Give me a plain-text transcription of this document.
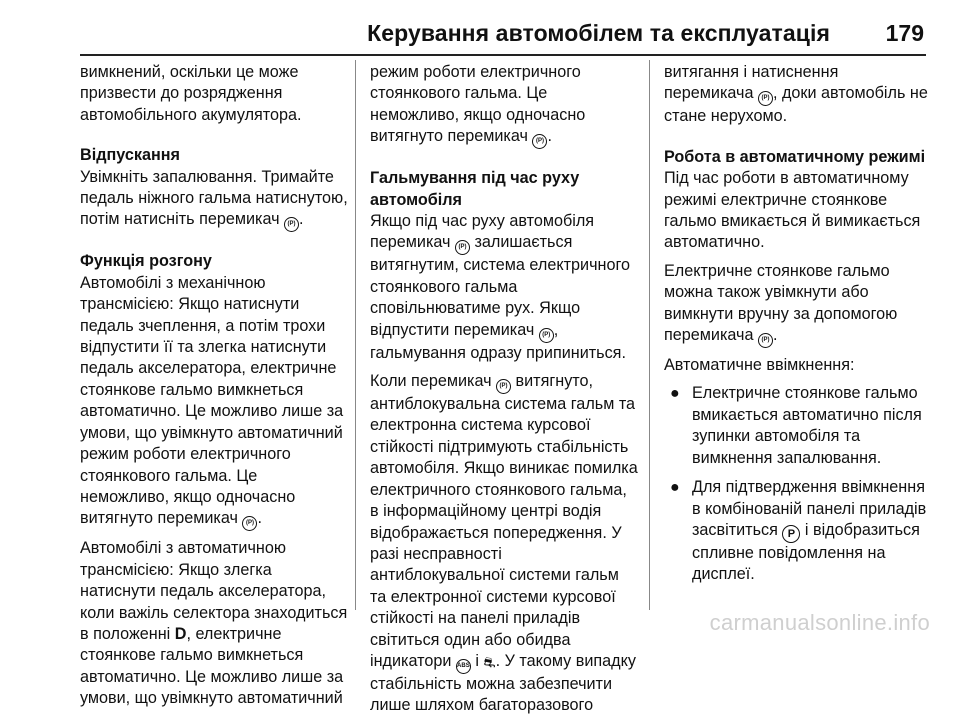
Керування автомобілем та експлуатація 179

вимкнений, оскільки це може
призвести до розрядження
автомобільного акумулятора.

Відпускання

Увімкніть запалювання. Тримайте
педаль ніжного гальма натиснутою,
потім натисніть перемикач (P) .

Функція розгону

Автомобілі з механічною
трансмісією: Якщо натиснути
педаль зчеплення, а потім трохи
відпустити її та злегка натиснути
педаль акселератора, електричне
стоянкове гальмо вимкнеться
автоматично. Це можливо лише за
умови, що увімкнуто автоматичний
режим роботи електричного
стоянкового гальма. Це
неможливо, якщо одночасно
витягнуто перемикач (P) .

Автомобілі з автоматичною
трансмісією: Якщо злегка
натиснути педаль акселератора,
коли важіль селектора знаходиться
в положенні D, електричне
стоянкове гальмо вимкнеться
автоматично. Це можливо лише за
умови, що увімкнуто автоматичний

режим роботи електричного
стоянкового гальма. Це
неможливо, якщо одночасно
витягнуто перемикач (P) .

Гальмування під час руху
автомобіля

Якщо під час руху автомобіля
перемикач (P) залишається
витягнутим, система електричного
стоянкового гальма
сповільнюватиме рух. Якщо
відпустити перемикач (P) ,
гальмування одразу припиниться.

Коли перемикач (P) витягнуто,
антиблокувальна система гальм та
електронна система курсової
стійкості підтримують стабільність
автомобіля. Якщо виникає помилка
електричного стоянкового гальма,
в інформаційному центрі водія
відображається попередження. У
разі несправності
антиблокувальної системи гальм
та електронної системи курсової
стійкості на панелі приладів
світиться один або обидва
індикатори ABS і ⛐. У такому випадку
стабільність можна забезпечити
лише шляхом багаторазового

витягання і натиснення
перемикача (P) , доки автомобіль не
стане нерухомо.

Робота в автоматичному режимі

Під час роботи в автоматичному
режимі електричне стоянкове
гальмо вмикається й вимикається
автоматично.

Електричне стоянкове гальмо
можна також увімкнути або
вимкнути вручну за допомогою
перемикача (P) .

Автоматичне ввімкнення:

● Електричне стоянкове гальмо
вмикається автоматично після
зупинки автомобіля та
вимкнення запалювання.
● Для підтвердження ввімкнення
в комбінованій панелі приладів
засвітиться P і відобразиться
спливне повідомлення на
дисплеї.
carmanualsonline.info
